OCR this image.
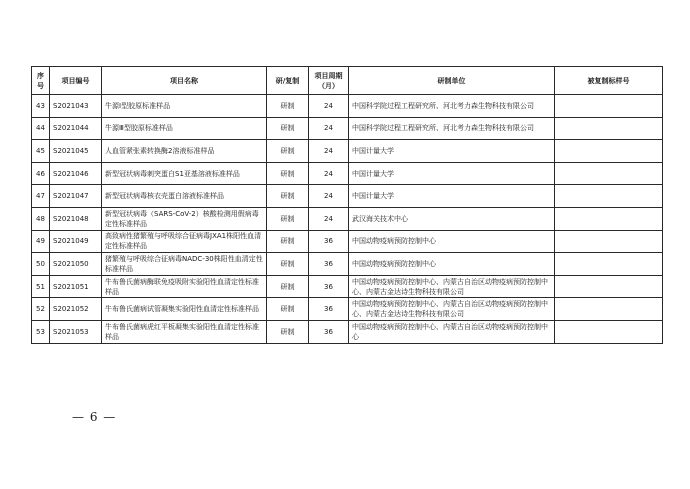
序号	项目编号	项目名称	研/复制	项目周期（月）	研制单位	被复制标样号
43	S2021043	牛源Ⅰ型胶原标准样品	研制	24	中国科学院过程工程研究所、河北考力森生物科技有限公司	
44	S2021044	牛源Ⅲ型胶原标准样品	研制	24	中国科学院过程工程研究所、河北考力森生物科技有限公司	
45	S2021045	人血管紧张素转换酶2溶液标准样品	研制	24	中国计量大学	
46	S2021046	新型冠状病毒刺突蛋白S1亚基溶液标准样品	研制	24	中国计量大学	
47	S2021047	新型冠状病毒核衣壳蛋白溶液标准样品	研制	24	中国计量大学	
48	S2021048	新型冠状病毒（SARS-CoV-2）核酸检测用假病毒定性标准样品	研制	24	武汉海关技术中心	
49	S2021049	高致病性猪繁殖与呼吸综合征病毒JXA1株阳性血清定性标准样品	研制	36	中国动物疫病预防控制中心	
50	S2021050	猪繁殖与呼吸综合征病毒NADC-30株阳性血清定性标准样品	研制	36	中国动物疫病预防控制中心	
51	S2021051	牛布鲁氏菌病酶联免疫吸附实验阳性血清定性标准样品	研制	36	中国动物疫病预防控制中心、内蒙古自治区动物疫病预防控制中心、内蒙古金达诗生物科技有限公司	
52	S2021052	牛布鲁氏菌病试管凝集实验阳性血清定性标准样品	研制	36	中国动物疫病预防控制中心、内蒙古自治区动物疫病预防控制中心、内蒙古金达诗生物科技有限公司	
53	S2021053	牛布鲁氏菌病虎红平板凝集实验阳性血清定性标准样品	研制	36	中国动物疫病预防控制中心、内蒙古自治区动物疫病预防控制中心	
— 6 —
